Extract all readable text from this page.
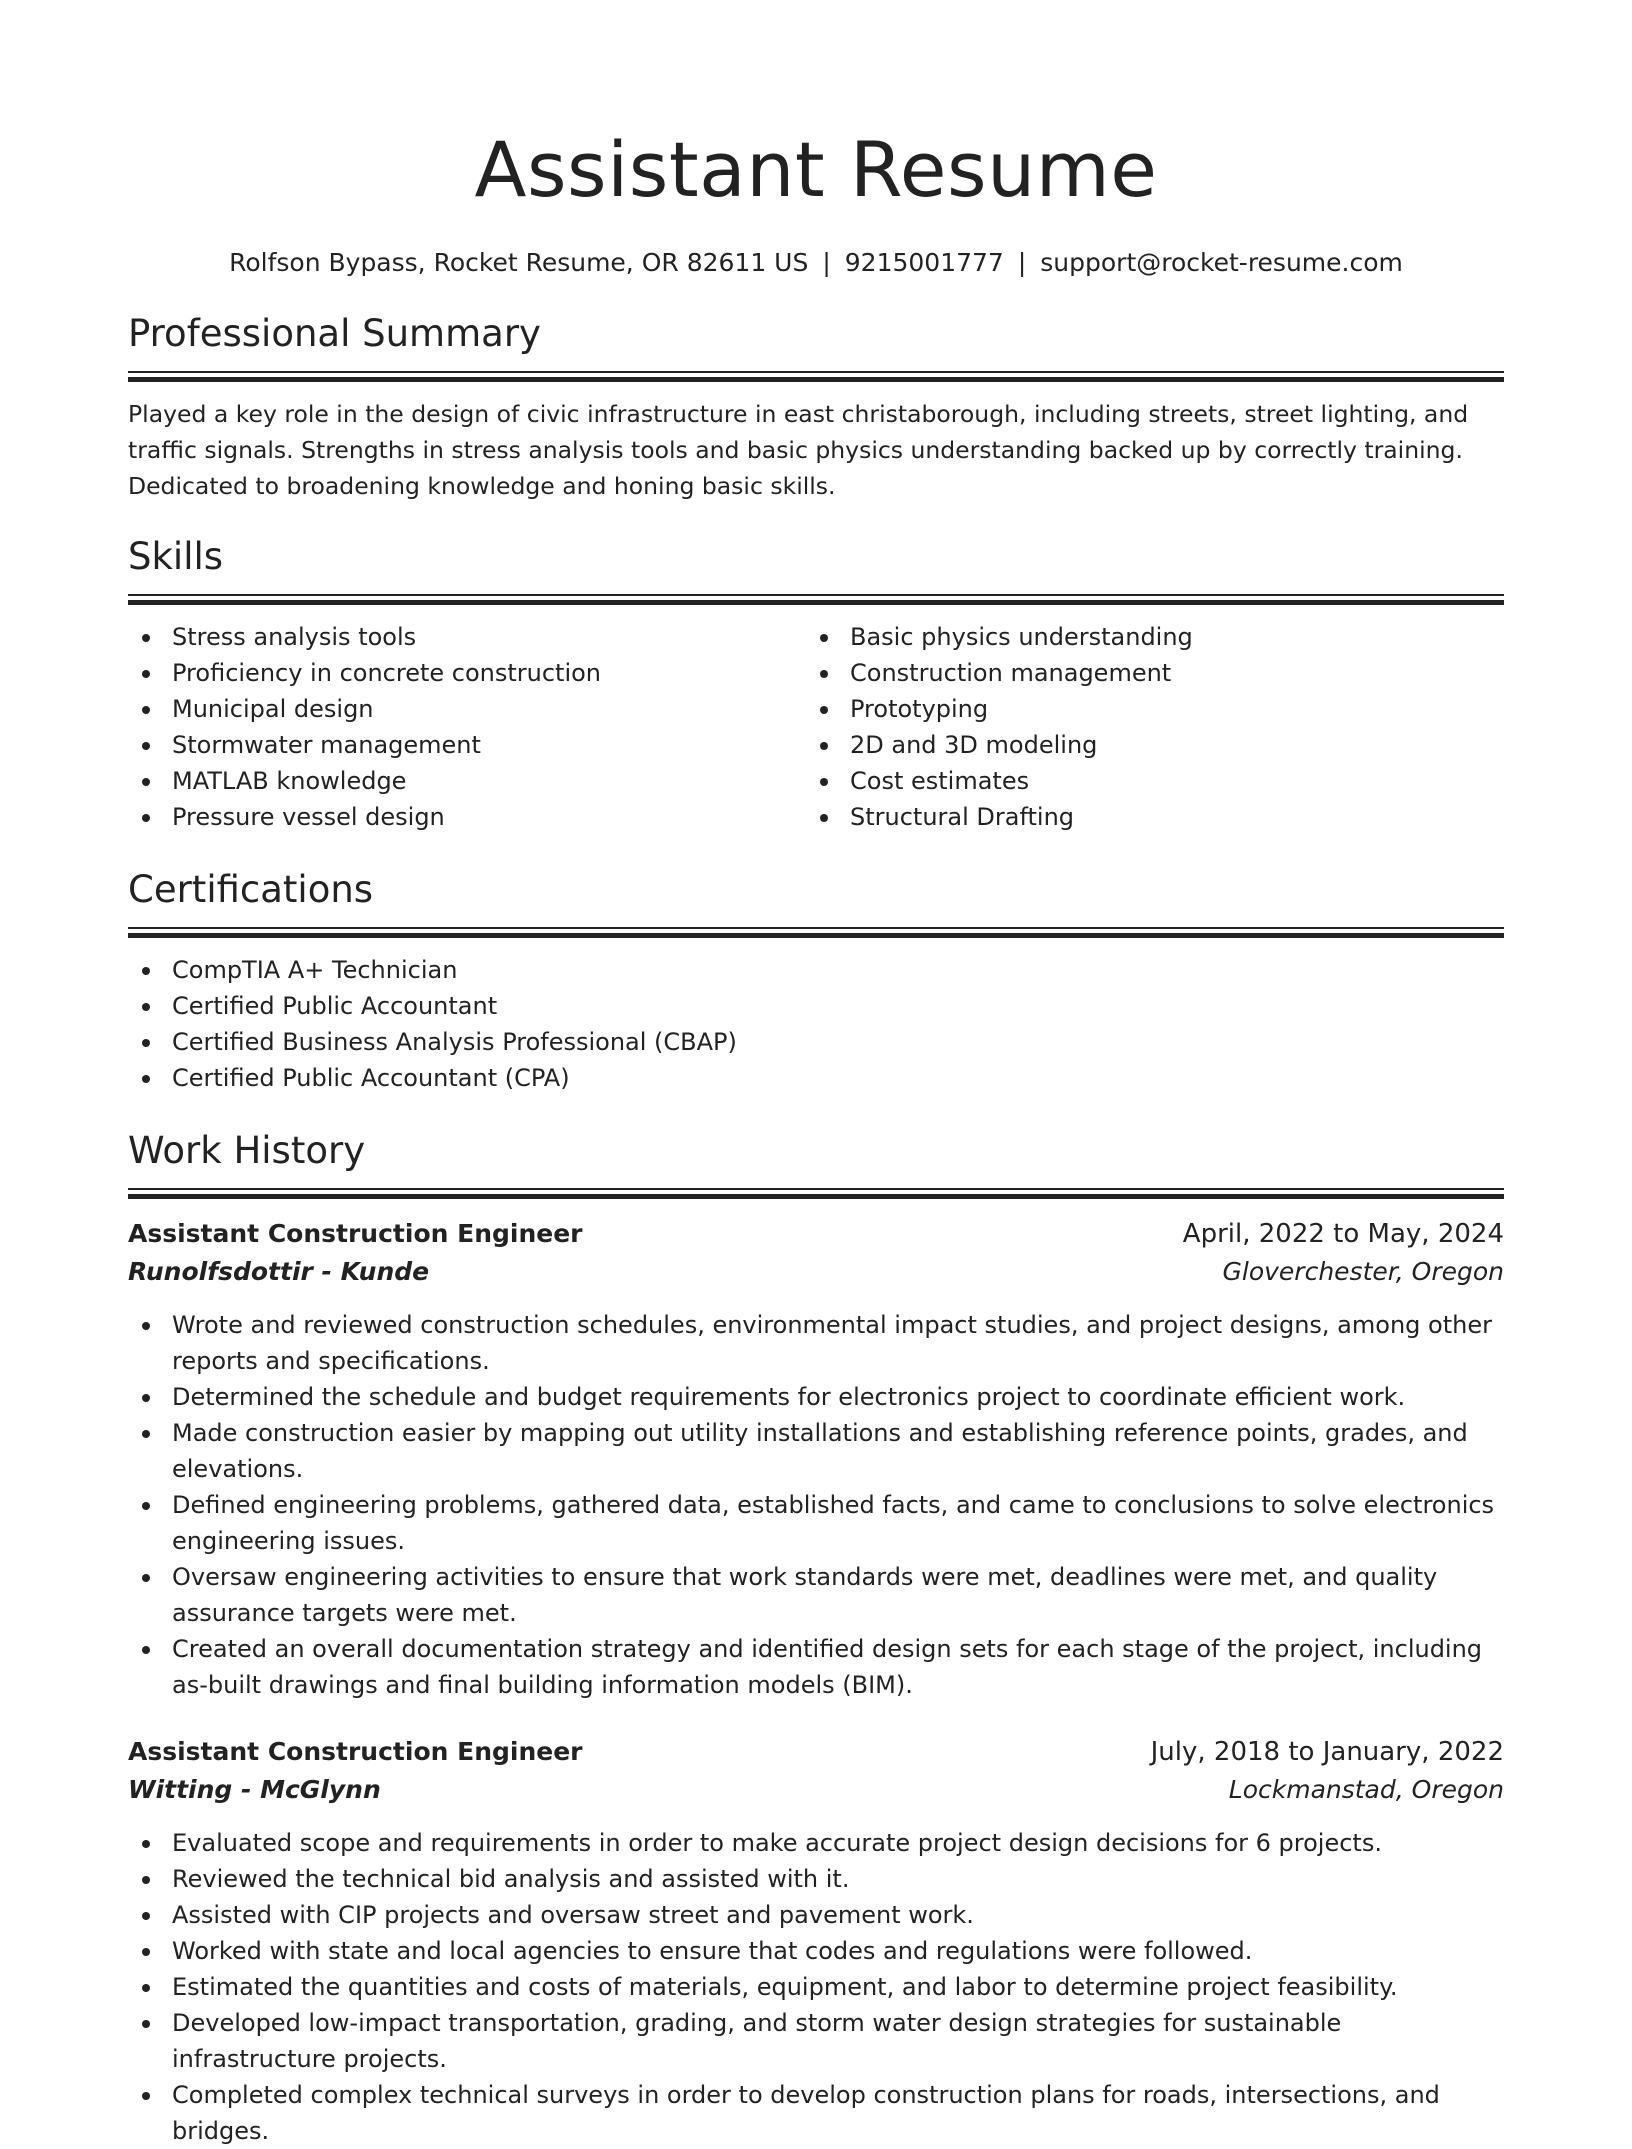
Assistant Resume
Rolfson Bypass, Rocket Resume, OR 82611 US | 9215001777 | support@rocket-resume.com
Professional Summary

Played a key role in the design of civic infrastructure in east christaborough, including streets, street lighting, and traffic signals. Strengths in stress analysis tools and basic physics understanding backed up by correctly training. Dedicated to broadening knowledge and honing basic skills.

Skills
Stress analysis tools
Proficiency in concrete construction
Municipal design
Stormwater management
MATLAB knowledge
Pressure vessel design
Basic physics understanding
Construction management
Prototyping
2D and 3D modeling
Cost estimates
Structural Drafting
Certifications
CompTIA A+ Technician
Certified Public Accountant
Certified Business Analysis Professional (CBAP)
Certified Public Accountant (CPA)
Work History
Assistant Construction Engineer	April, 2022 to May, 2024
Runolfsdottir - Kunde	Gloverchester, Oregon
Wrote and reviewed construction schedules, environmental impact studies, and project designs, among other reports and specifications.
Determined the schedule and budget requirements for electronics project to coordinate efficient work.
Made construction easier by mapping out utility installations and establishing reference points, grades, and elevations.
Defined engineering problems, gathered data, established facts, and came to conclusions to solve electronics engineering issues.
Oversaw engineering activities to ensure that work standards were met, deadlines were met, and quality assurance targets were met.
Created an overall documentation strategy and identified design sets for each stage of the project, including as-built drawings and final building information models (BIM).
Assistant Construction Engineer	July, 2018 to January, 2022
Witting - McGlynn	Lockmanstad, Oregon
Evaluated scope and requirements in order to make accurate project design decisions for 6 projects.
Reviewed the technical bid analysis and assisted with it.
Assisted with CIP projects and oversaw street and pavement work.
Worked with state and local agencies to ensure that codes and regulations were followed.
Estimated the quantities and costs of materials, equipment, and labor to determine project feasibility.
Developed low-impact transportation, grading, and storm water design strategies for sustainable infrastructure projects.
Completed complex technical surveys in order to develop construction plans for roads, intersections, and bridges.
